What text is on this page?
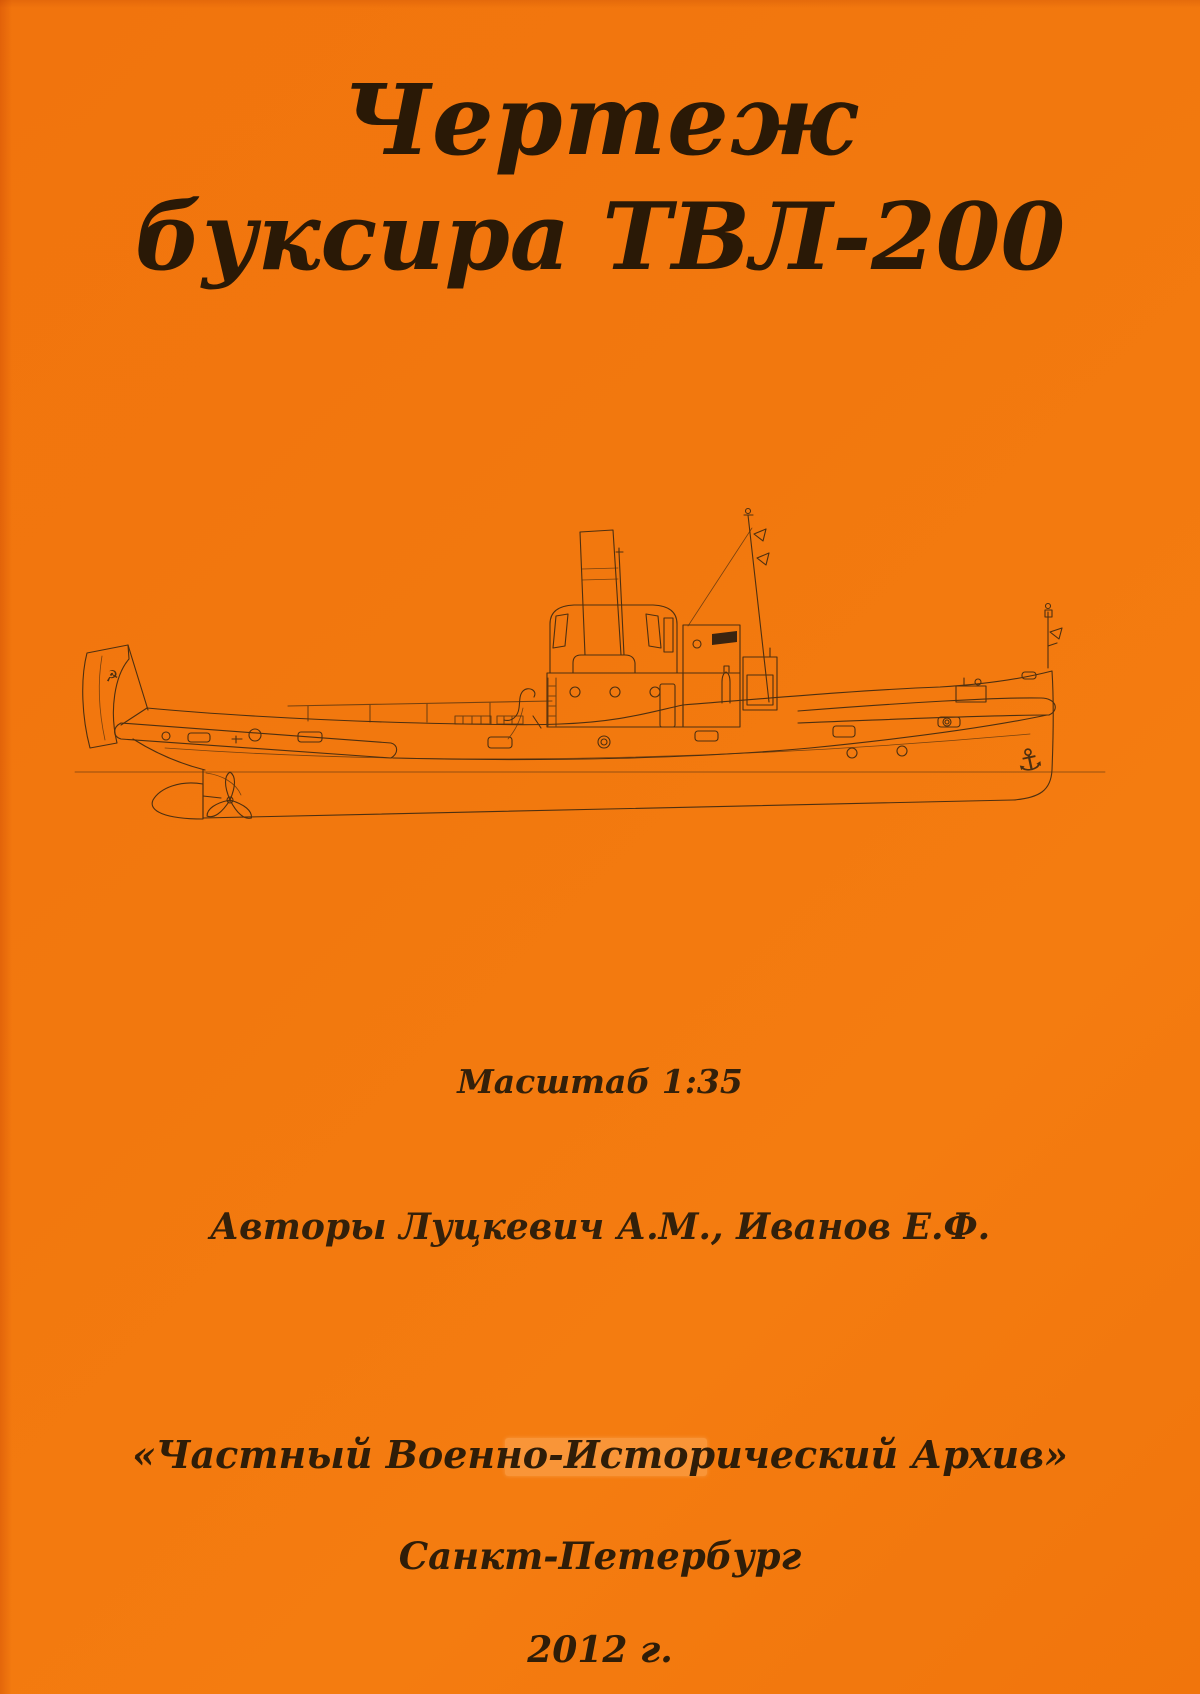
Чертеж
буксира ТВЛ-200
⚓
☭
Масштаб 1:35
Авторы Луцкевич А.М., Иванов Е.Ф.
«Частный Военно-Исторический Архив»
Санкт-Петербург
2012 г.
